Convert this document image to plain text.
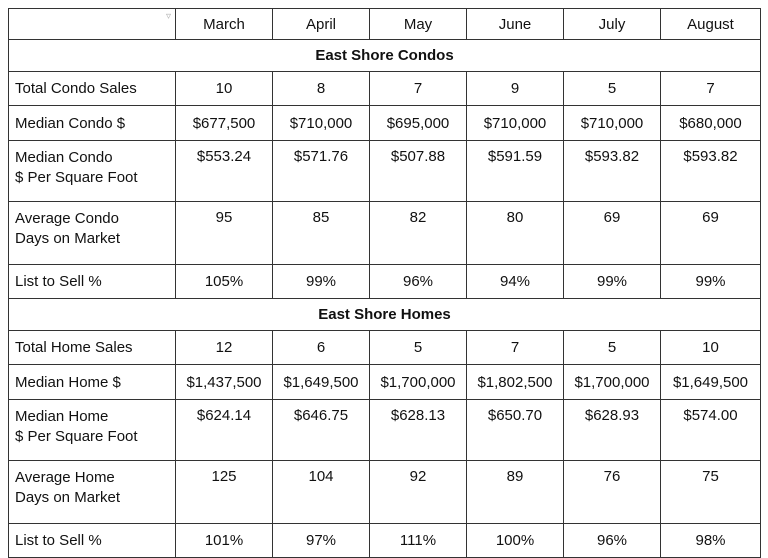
▿	March	April	May	June	July	August
East Shore Condos						
Total Condo Sales	10	8	7	9	5	7
Median Condo $	$677,500	$710,000	$695,000	$710,000	$710,000	$680,000

Median Condo
$ Per Square Foot	$553.24	$571.76	$507.88	$591.59	$593.82	$593.82

Average Condo
Days on Market	95	85	82	80	69	69
List to Sell %	105%	99%	96%	94%	99%	99%
East Shore Homes						
Total Home Sales	12	6	5	7	5	10
Median Home $	$1,437,500	$1,649,500	$1,700,000	$1,802,500	$1,700,000	$1,649,500

Median Home
$ Per Square Foot	$624.14	$646.75	$628.13	$650.70	$628.93	$574.00

Average Home
Days on Market	125	104	92	89	76	75
List to Sell %	101%	97%	111%	100%	96%	98%
